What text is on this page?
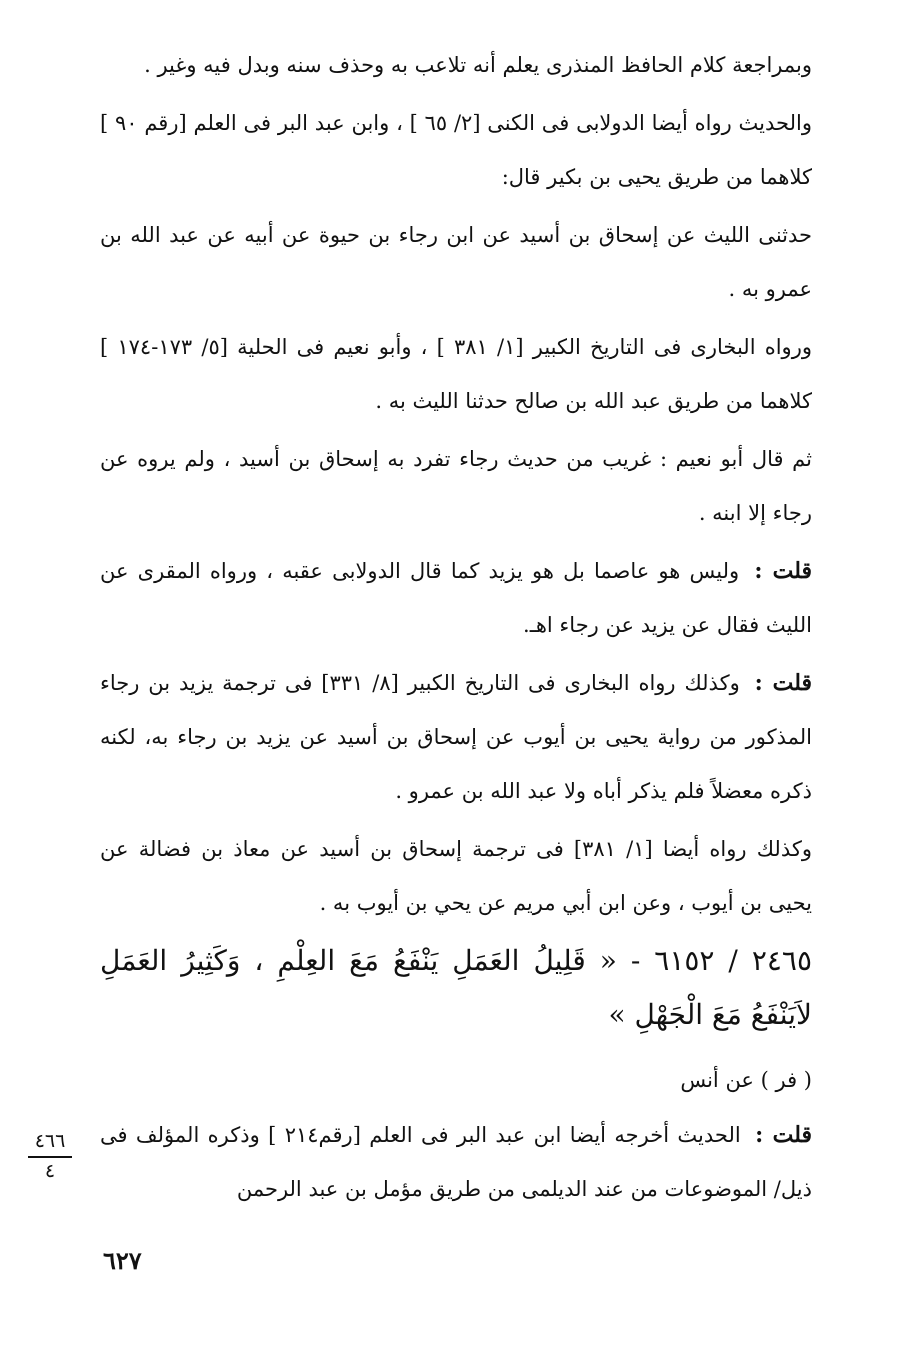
وبمراجعة كلام الحافظ المنذرى يعلم أنه تلاعب به وحذف سنه وبدل فيه وغير .

والحديث رواه أيضا الدولابى فى الكنى [٢/ ٦٥ ] ، وابن عبد البر فى العلم [رقم ٩٠ ] كلاهما من طريق يحيى بن بكير قال:

حدثنى الليث عن إسحاق بن أسيد عن ابن رجاء بن حيوة عن أبيه عن عبد الله بن عمرو به .

ورواه البخارى فى التاريخ الكبير [١/ ٣٨١ ] ، وأبو نعيم فى الحلية [٥/ ١٧٣-١٧٤ ] كلاهما من طريق عبد الله بن صالح حدثنا الليث به .

ثم قال أبو نعيم : غريب من حديث رجاء تفرد به إسحاق بن أسيد ، ولم يروه عن رجاء إلا ابنه .

قلت : وليس هو عاصما بل هو يزيد كما قال الدولابى عقبه ، ورواه المقرى عن الليث فقال عن يزيد عن رجاء اهـ.

قلت : وكذلك رواه البخارى فى التاريخ الكبير [٨/ ٣٣١] فى ترجمة يزيد بن رجاء المذكور من رواية يحيى بن أيوب عن إسحاق بن أسيد عن يزيد بن رجاء به، لكنه ذكره معضلاً فلم يذكر أباه ولا عبد الله بن عمرو .

وكذلك رواه أيضا [١/ ٣٨١] فى ترجمة إسحاق بن أسيد عن معاذ بن فضالة عن يحيى بن أيوب ، وعن ابن أبي مريم عن يحي بن أيوب به .

٢٤٦٥ / ٦١٥٢ - « قَلِيلُ العَمَلِ يَنْفَعُ مَعَ العِلْمِ ، وَكَثِيرُ العَمَلِ لاَيَنْفَعُ مَعَ الْجَهْلِ »

( فر ) عن أنس

قلت : الحديث أخرجه أيضا ابن عبد البر فى العلم [رقم٢١٤ ] وذكره المؤلف فى ذيل/ الموضوعات من عند الديلمى من طريق مؤمل بن عبد الرحمن

٤٦٦
٤
٦٢٧
